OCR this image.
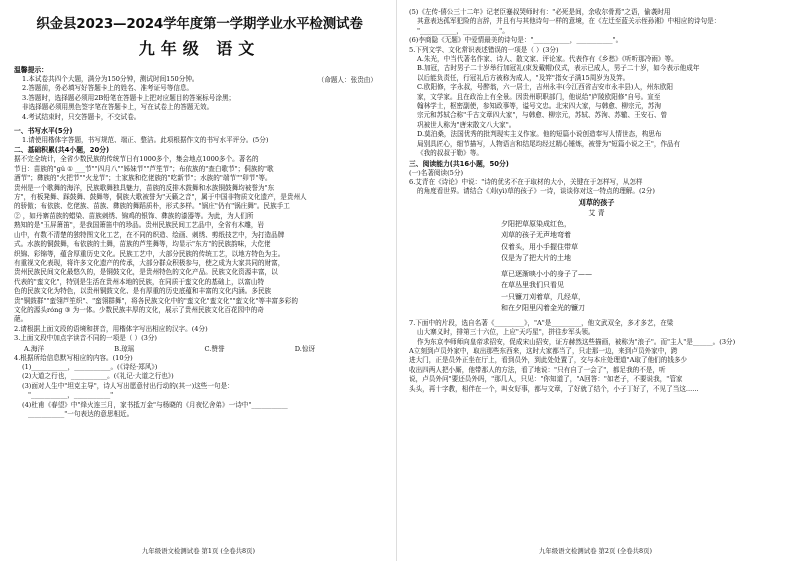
织金县2023—2024学年度第一学期学业水平检测试卷
九年级 语文
温馨提示：
1.本试卷共四个大题，满分为150分钟，测试时间150分钟。
2.答题前，务必填写好答题卡上的姓名、准考证号等信息。
（命题人：张贵由）
3.答题时，选择题必须用2B铅笔在答题卡上把对应题目的答案标号涂黑；
非选择题必须用黑色签字笔在答题卡上，写在试卷上的答题无效。
4.考试结束时，只交答题卡，不交试卷。
一、书写水平(5分)
1.请使用楷体字答题，书写规范、端正、整洁。此项根据作文的书写水平评分。(5分)
二、基础积累(共4小题，20分)
据不完全统计，全省少数民族的传统节日有1000多个，集会地点1000多个。著名的
节日：苗族的"ɡǔ ① ___节""四月八""姊妹节""芦笙节"；布依族的"查白歌节"；侗族的"歌
酒节"；彝族的"火把节""火龙节"；土家族和仡佬族的"吃新节"；水族的"端节""卯节"等。
贵州是一个歌舞的海洋，民族歌舞独具魅力，苗族的反排木鼓舞和水族铜鼓舞均被誉为"东
方"，有板凳舞、踩鼓舞、鼓舞等，侗族大歌被誉为"天籁之音"，属于中国非物质文化遗产，是贵州人
的骄傲；布依族、仡佬族、苗族、彝族的舞蹈质朴，形式多样。"锅庄"仍有"锅庄舞"。民族手工
② ，如丹寨苗族的蜡染、苗族刺绣、锦鸡的银饰、彝族的漆器等。为此，为人们所
熟知的是"玉屏箫笛"，是我国箫笛中的珍品。贵州民族民间工艺品中，全省有木雕，岩
山中，有数不清楚的独特图文化工艺，在不同的织造、绘画、刺绣、剪纸技艺中，为打造品牌
式。水族的铜鼓舞，布依族的土舞，苗族的芦笙舞等，均显示"东方"的民族韵味，大仡佬
织锦、彩锦等，蕴含厚重历史文化。民族工艺中，大部分民族的传统工艺，以地方特色为主。
有重视文化表现，将许多文化遗产的传承，大部分群众积极参与，使之成为大家共同的财富，
贵州民族民间文化最悠久的，是铜鼓文化，是贵州特色的文化产品。民族文化资源丰富，以
代表的"蛮文化"，特别是生活在贵州本地的民族，在同质于蛮文化的基础上，以富山特
色的民族文化为特色，以贵州铜鼓文化、是有厚重的历史底蕴和丰富的文化内涵。多民族
贵"铜鼓群""蛮翎芦笙织"、"蛮翎群舞"，将各民族文化中的"蛮文化"蛮文化""蛮文化"等丰富多彩的
文化的源头rónɡ ③ 为一体。少数民族丰厚的文化，展示了贵州民族文化百花园中的奇
葩。
2.请根据上面文段的语境和拼音，用楷体字写出相应的汉字。(4分)
3.上面文段中加点字读音不同的一项是（ ）(3分)
A.海洋	B.琼瑶	C.赞誉	D.惊讶
4.根据所给信息默写相应的内容。(10分)
(1)___________，___________。(《诗经·郑风》)
(2)大道之行也，___________。(《礼记·大道之行也》)
(3)面对人生中"坦克主导"，诗人写出愿意付出行动的(其一)这些一句是：
"___________，___________"
(4)杜甫《春望》中"烽火连三月，家书抵万金"与杨晓的《月夜忆舍弟》一诗中"___________
___________"一句表达的意思相近。
九年级语文检测试卷 第1页 (全卷共8页)
(5)《左传·僖公三十二年》记老臣蹇叔哭师时有："必死是间，余收尔骨焉"之语，偷袭时用
其意表达孤军犯险的言辞，并且有与其他诗句一样的意境，在《左迁至蓝关示侄孙湘》中相应的诗句是：
"___________，___________"。
(6)李商隐《无题》中爱情最美的诗句是："___________，___________"。
5.下列文学、文化常识表述错误的一项是（ ）(3分)
A.朱光，中当代著名作家、诗人、散文家、评论家。代表作有《乡愁》《听听那冷雨》等。
B.加冠，古时男子二十岁举行加冠礼(束发戴帽)仪式，表示已成人，男子二十岁，如今表示他成年
以后能负责任，行冠礼后方被称为成人，"及笄"指女子满15周岁为及笄。
C.欧阳修，字永叔，号醉翁，六一居士，吉州永丰(今江西省吉安市永丰县)人，州东欧阳
家，文学家。且在政治上有全景。因贵州职职部门，他说给"庐陵欧阳修"自号。宣至
翰林学士，枢密副使，参知政事等，谥号文忠。北宋四大家，与韩愈、柳宗元，苏洵
宗元和苏轼合称"千古文章四大家"，与韩愈、柳宗元，苏轼、苏洵、苏辙、王安石、曾
巩被世人称为"唐宋散文八大家"。
D.莫泊桑，法国优秀的批判现实主义作家。他的短篇小说创造奉写人情世态，构思布
局别具匠心，细节描写，人物语言和结尾均经过精心锤炼，被誉为"短篇小说之王"，作品有
《我的叔叔于勒》等。
三、阅读能力(共16小题，50分)
(一)名著阅读(5分)
6.艾青在《诗论》中说："诗的优劣不在于取材的大小，关键在于怎样写，从怎样
的角度看世界。请结合《刈(yì)草的孩子》一诗，谈谈你对这一特点的理解。(2分)
刈草的孩子
艾 青
夕阳把草原染成红色，
刈草的孩子无声地弯着
仅着头，用小手握住带草
仅是为了把大片的土地
草已逐渐映小小的身子了——
在草丛里我们只看见
一只镰刀刈着草，几经草，
和在夕阳里闪着金光的镰刀
7.下面中的片段，选自名著《_________》，"A"是_________，他文武双全，多才多艺，在梁
山大寨义时，排第三十六位，上应"天巧星"，拼往步军头领。
作为东京李师师向皇帝求招安，促成宋山招安，证方赫然这些描画，被称为"浪子"。而"主人"是______。(3分)
A立刻到卢员外家中，取出那些东西来，这时大家都当了，只走那一边，来到卢员外家中，跨
进大门，正是员外正坐在厅上，看到员外，到此处处置了，交与本庄处理道"A取了他们的钱多少
收出四两人把小厮，他带那人的方法，看了地说："只有自了一会了"，都足我的不是，听
说，卢员外问"要还员外吗，"那几人，只见："你知道了，"A回答："如老子，不要说我，"管家
头头，再十字教，相伴在一个，叫女好事，都与文章，了好就了结个，小子丁好了，不见了当这......
九年级语文检测试卷 第2页 (全卷共8页)
